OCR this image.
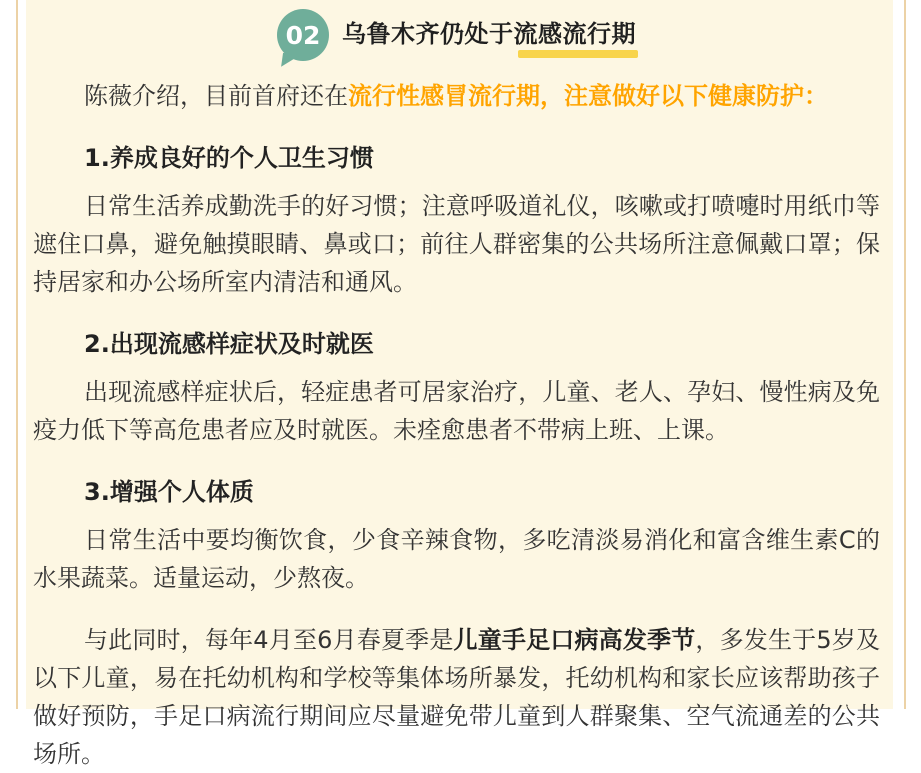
02 乌鲁木齐仍处于流感流行期

陈薇介绍，目前首府还在流行性感冒流行期，注意做好以下健康防护：

1.养成良好的个人卫生习惯

日常生活养成勤洗手的好习惯；注意呼吸道礼仪，咳嗽或打喷嚏时用纸巾等遮住口鼻，避免触摸眼睛、鼻或口；前往人群密集的公共场所注意佩戴口罩；保持居家和办公场所室内清洁和通风。

2.出现流感样症状及时就医

出现流感样症状后，轻症患者可居家治疗，儿童、老人、孕妇、慢性病及免疫力低下等高危患者应及时就医。未痊愈患者不带病上班、上课。

3.增强个人体质

日常生活中要均衡饮食，少食辛辣食物，多吃清淡易消化和富含维生素C的水果蔬菜。适量运动，少熬夜。

与此同时，每年4月至6月春夏季是儿童手足口病高发季节，多发生于5岁及以下儿童，易在托幼机构和学校等集体场所暴发，托幼机构和家长应该帮助孩子做好预防，手足口病流行期间应尽量避免带儿童到人群聚集、空气流通差的公共场所。
